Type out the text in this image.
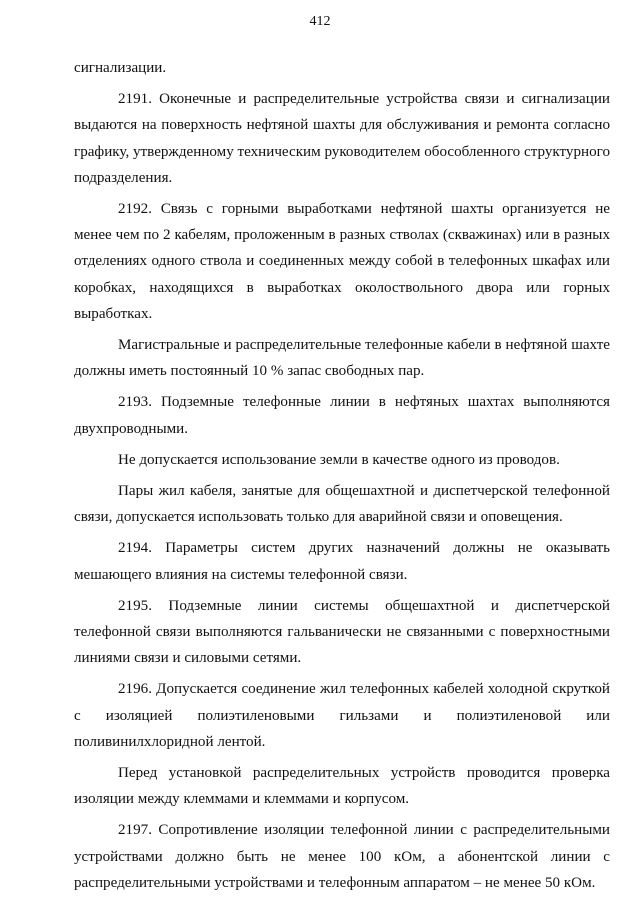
412

сигнализации.

2191. Оконечные и распределительные устройства связи и сигнализации выдаются на поверхность нефтяной шахты для обслуживания и ремонта согласно графику, утвержденному техническим руководителем обособленного структурного подразделения.

2192. Связь с горными выработками нефтяной шахты организуется не менее чем по 2 кабелям, проложенным в разных стволах (скважинах) или в разных отделениях одного ствола и соединенных между собой в телефонных шкафах или коробках, находящихся в выработках околоствольного двора или горных выработках.

Магистральные и распределительные телефонные кабели в нефтяной шахте должны иметь постоянный 10 % запас свободных пар.

2193. Подземные телефонные линии в нефтяных шахтах выполняются двухпроводными.

Не допускается использование земли в качестве одного из проводов.

Пары жил кабеля, занятые для общешахтной и диспетчерской телефонной связи, допускается использовать только для аварийной связи и оповещения.

2194. Параметры систем других назначений должны не оказывать мешающего влияния на системы телефонной связи.

2195. Подземные линии системы общешахтной и диспетчерской телефонной связи выполняются гальванически не связанными с поверхностными линиями связи и силовыми сетями.

2196. Допускается соединение жил телефонных кабелей холодной скруткой с изоляцией полиэтиленовыми гильзами и полиэтиленовой или поливинилхлоридной лентой.

Перед установкой распределительных устройств проводится проверка изоляции между клеммами и клеммами и корпусом.

2197. Сопротивление изоляции телефонной линии с распределительными устройствами должно быть не менее 100 кОм, а абонентской линии с распределительными устройствами и телефонным аппаратом – не менее 50 кОм.
